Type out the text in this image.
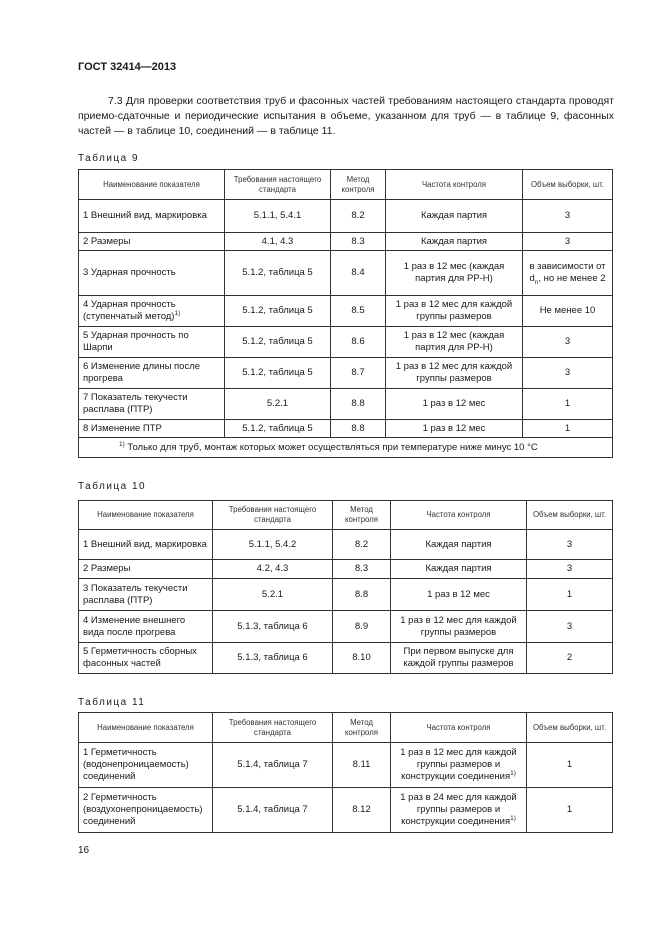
ГОСТ 32414—2013
7.3 Для проверки соответствия труб и фасонных частей требованиям настоящего стандарта проводят приемо-сдаточные и периодические испытания в объеме, указанном для труб — в таблице 9, фасонных частей — в таблице 10, соединений — в таблице 11.
Таблица 9
Наименование показателя	Требования настоящего стандарта	Метод контроля	Частота контроля	Объем выборки, шт.
1 Внешний вид, маркировка	5.1.1, 5.4.1	8.2	Каждая партия	3
2 Размеры	4.1, 4.3	8.3	Каждая партия	3
3 Ударная прочность	5.1.2, таблица 5	8.4	1 раз в 12 мес (каждая партия для РР-Н)	в зависимости от $d_n$, но не менее 2
4 Ударная прочность (ступенчатый метод)$^{1)}$	5.1.2, таблица 5	8.5	1 раз в 12 мес для каждой группы размеров	Не менее 10
5 Ударная прочность по Шарпи	5.1.2, таблица 5	8.6	1 раз в 12 мес (каждая партия для РР-Н)	3
6 Изменение длины после прогрева	5.1.2, таблица 5	8.7	1 раз в 12 мес для каждой группы размеров	3
7 Показатель текучести расплава (ПТР)	5.2.1	8.8	1 раз в 12 мес	1
8 Изменение ПТР	5.1.2, таблица 5	8.8	1 раз в 12 мес	1
$^{1)}$ Только для труб, монтаж которых может осуществляться при температуре ниже минус 10 °С				
Таблица 10
Наименование показателя	Требования настоящего стандарта	Метод контроля	Частота контроля	Объем выборки, шт.
1 Внешний вид, маркировка	5.1.1, 5.4.2	8.2	Каждая партия	3
2 Размеры	4.2, 4.3	8.3	Каждая партия	3
3 Показатель текучести расплава (ПТР)	5.2.1	8.8	1 раз в 12 мес	1
4 Изменение внешнего вида после прогрева	5.1.3, таблица 6	8.9	1 раз в 12 мес для каждой группы размеров	3
5 Герметичность сборных фасонных частей	5.1.3, таблица 6	8.10	При первом выпуске для каждой группы размеров	2
Таблица 11
Наименование показателя	Требования настоящего стандарта	Метод контроля	Частота контроля	Объем выборки, шт.
1 Герметичность (водонепроницаемость) соединений	5.1.4, таблица 7	8.11	1 раз в 12 мес для каждой группы размеров и конструкции соединения$^{1)}$	1
2 Герметичность (воздухонепроницаемость) соединений	5.1.4, таблица 7	8.12	1 раз в 24 мес для каждой группы размеров и конструкции соединения$^{1)}$	1
16
